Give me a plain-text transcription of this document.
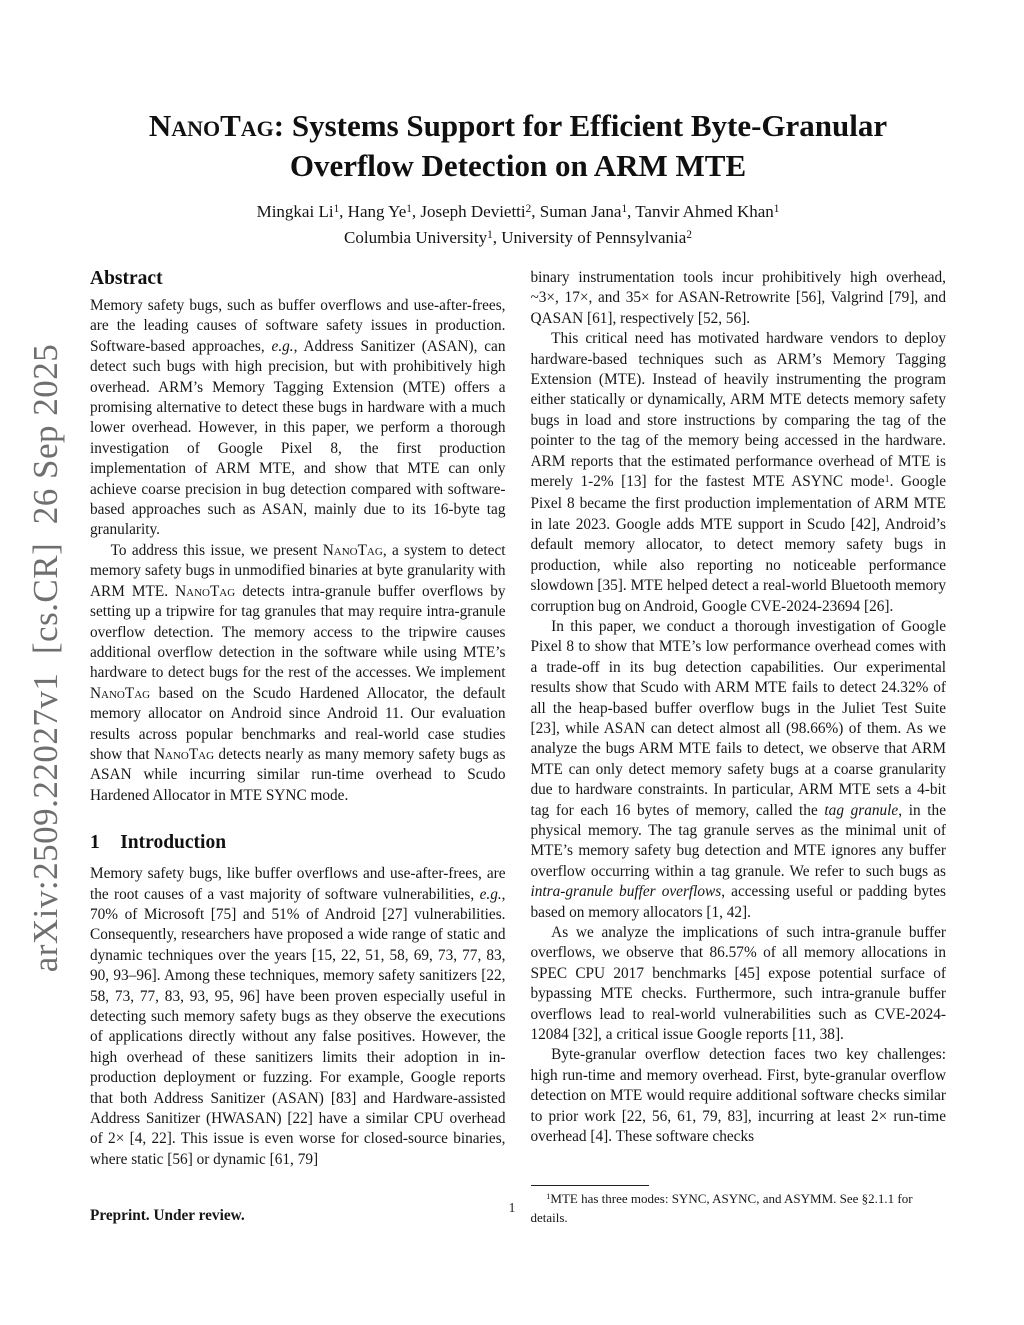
arXiv:2509.22027v1  [cs.CR]  26 Sep 2025
NanoTag: Systems Support for Efficient Byte-Granular
Overflow Detection on ARM MTE
Mingkai Li$^1$, Hang Ye$^1$, Joseph Devietti$^2$, Suman Jana$^1$, Tanvir Ahmed Khan$^1$
Columbia University$^1$, University of Pennsylvania$^2$
Abstract

Memory safety bugs, such as buffer overflows and use-after-frees, are the leading causes of software safety issues in production. Software-based approaches, e.g., Address Sanitizer (ASAN), can detect such bugs with high precision, but with prohibitively high overhead. ARM’s Memory Tagging Extension (MTE) offers a promising alternative to detect these bugs in hardware with a much lower overhead. However, in this paper, we perform a thorough investigation of Google Pixel 8, the first production implementation of ARM MTE, and show that MTE can only achieve coarse precision in bug detection compared with software-based approaches such as ASAN, mainly due to its 16-byte tag granularity.

To address this issue, we present NanoTag, a system to detect memory safety bugs in unmodified binaries at byte granularity with ARM MTE. NanoTag detects intra-granule buffer overflows by setting up a tripwire for tag granules that may require intra-granule overflow detection. The memory access to the tripwire causes additional overflow detection in the software while using MTE’s hardware to detect bugs for the rest of the accesses. We implement NanoTag based on the Scudo Hardened Allocator, the default memory allocator on Android since Android 11. Our evaluation results across popular benchmarks and real-world case studies show that NanoTag detects nearly as many memory safety bugs as ASAN while incurring similar run-time overhead to Scudo Hardened Allocator in MTE SYNC mode.

1 Introduction

Memory safety bugs, like buffer overflows and use-after-frees, are the root causes of a vast majority of software vulnerabilities, e.g., 70% of Microsoft [75] and 51% of Android [27] vulnerabilities. Consequently, researchers have proposed a wide range of static and dynamic techniques over the years [15, 22, 51, 58, 69, 73, 77, 83, 90, 93–96]. Among these techniques, memory safety sanitizers [22, 58, 73, 77, 83, 93, 95, 96] have been proven especially useful in detecting such memory safety bugs as they observe the executions of applications directly without any false positives. However, the high overhead of these sanitizers limits their adoption in in-production deployment or fuzzing. For example, Google reports that both Address Sanitizer (ASAN) [83] and Hardware-assisted Address Sanitizer (HWASAN) [22] have a similar CPU overhead of 2× [4, 22]. This issue is even worse for closed-source binaries, where static [56] or dynamic [61, 79]

Preprint. Under review.

binary instrumentation tools incur prohibitively high overhead, ~3×, 17×, and 35× for ASAN-Retrowrite [56], Valgrind [79], and QASAN [61], respectively [52, 56].

This critical need has motivated hardware vendors to deploy hardware-based techniques such as ARM’s Memory Tagging Extension (MTE). Instead of heavily instrumenting the program either statically or dynamically, ARM MTE detects memory safety bugs in load and store instructions by comparing the tag of the pointer to the tag of the memory being accessed in the hardware. ARM reports that the estimated performance overhead of MTE is merely 1-2% [13] for the fastest MTE ASYNC mode$^1$. Google Pixel 8 became the first production implementation of ARM MTE in late 2023. Google adds MTE support in Scudo [42], Android’s default memory allocator, to detect memory safety bugs in production, while also reporting no noticeable performance slowdown [35]. MTE helped detect a real-world Bluetooth memory corruption bug on Android, Google CVE-2024-23694 [26].

In this paper, we conduct a thorough investigation of Google Pixel 8 to show that MTE’s low performance overhead comes with a trade-off in its bug detection capabilities. Our experimental results show that Scudo with ARM MTE fails to detect 24.32% of all the heap-based buffer overflow bugs in the Juliet Test Suite [23], while ASAN can detect almost all (98.66%) of them. As we analyze the bugs ARM MTE fails to detect, we observe that ARM MTE can only detect memory safety bugs at a coarse granularity due to hardware constraints. In particular, ARM MTE sets a 4-bit tag for each 16 bytes of memory, called the tag granule, in the physical memory. The tag granule serves as the minimal unit of MTE’s memory safety bug detection and MTE ignores any buffer overflow occurring within a tag granule. We refer to such bugs as intra-granule buffer overflows, accessing useful or padding bytes based on memory allocators [1, 42].

As we analyze the implications of such intra-granule buffer overflows, we observe that 86.57% of all memory allocations in SPEC CPU 2017 benchmarks [45] expose potential surface of bypassing MTE checks. Furthermore, such intra-granule buffer overflows lead to real-world vulnerabilities such as CVE-2024-12084 [32], a critical issue Google reports [11, 38].

Byte-granular overflow detection faces two key challenges: high run-time and memory overhead. First, byte-granular overflow detection on MTE would require additional software checks similar to prior work [22, 56, 61, 79, 83], incurring at least 2× run-time overhead [4]. These software checks

$^1$MTE has three modes: SYNC, ASYNC, and ASYMM. See §2.1.1 for details.

1
